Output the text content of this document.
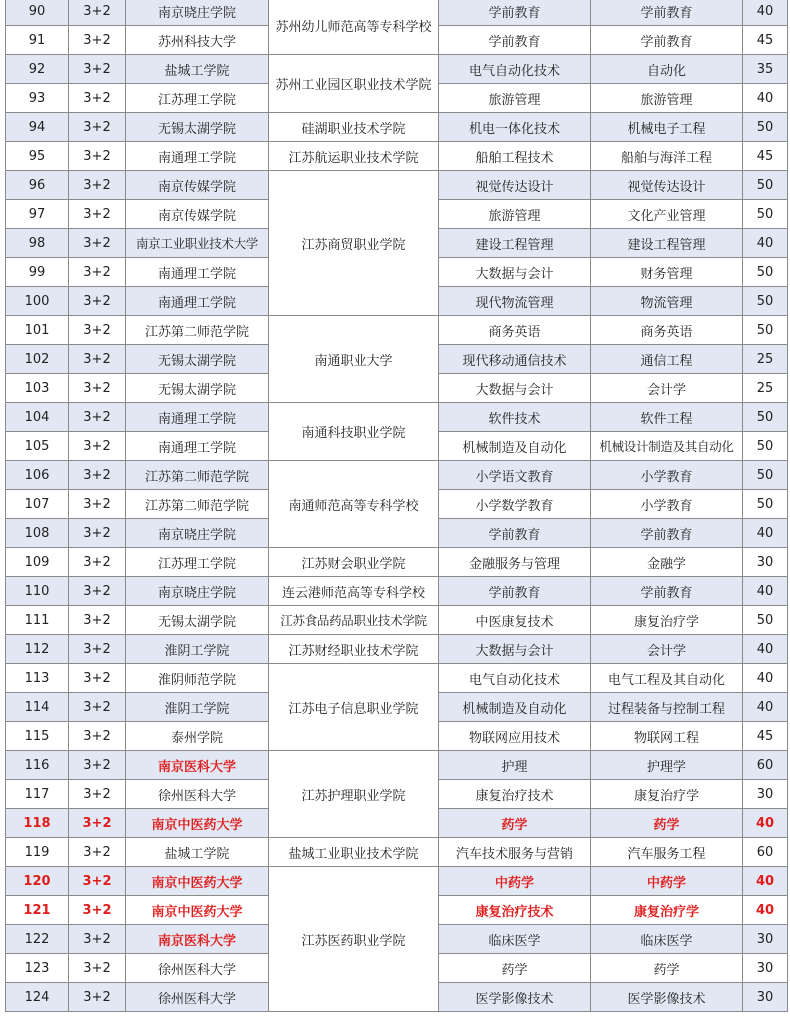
90	3+2	南京晓庄学院	苏州幼儿师范高等专科学校	学前教育	学前教育	40
91	3+2	苏州科技大学		学前教育	学前教育	45
92	3+2	盐城工学院	苏州工业园区职业技术学院	电气自动化技术	自动化	35
93	3+2	江苏理工学院		旅游管理	旅游管理	40
94	3+2	无锡太湖学院	硅湖职业技术学院	机电一体化技术	机械电子工程	50
95	3+2	南通理工学院	江苏航运职业技术学院	船舶工程技术	船舶与海洋工程	45
96	3+2	南京传媒学院	江苏商贸职业学院	视觉传达设计	视觉传达设计	50
97	3+2	南京传媒学院		旅游管理	文化产业管理	50
98	3+2	南京工业职业技术大学		建设工程管理	建设工程管理	40
99	3+2	南通理工学院		大数据与会计	财务管理	50
100	3+2	南通理工学院		现代物流管理	物流管理	50
101	3+2	江苏第二师范学院	南通职业大学	商务英语	商务英语	50
102	3+2	无锡太湖学院		现代移动通信技术	通信工程	25
103	3+2	无锡太湖学院		大数据与会计	会计学	25
104	3+2	南通理工学院	南通科技职业学院	软件技术	软件工程	50
105	3+2	南通理工学院		机械制造及自动化	机械设计制造及其自动化	50
106	3+2	江苏第二师范学院	南通师范高等专科学校	小学语文教育	小学教育	50
107	3+2	江苏第二师范学院		小学数学教育	小学教育	50
108	3+2	南京晓庄学院		学前教育	学前教育	40
109	3+2	江苏理工学院	江苏财会职业学院	金融服务与管理	金融学	30
110	3+2	南京晓庄学院	连云港师范高等专科学校	学前教育	学前教育	40
111	3+2	无锡太湖学院	江苏食品药品职业技术学院	中医康复技术	康复治疗学	50
112	3+2	淮阴工学院	江苏财经职业技术学院	大数据与会计	会计学	40
113	3+2	淮阴师范学院	江苏电子信息职业学院	电气自动化技术	电气工程及其自动化	40
114	3+2	淮阴工学院		机械制造及自动化	过程装备与控制工程	40
115	3+2	泰州学院		物联网应用技术	物联网工程	45
116	3+2	南京医科大学	江苏护理职业学院	护理	护理学	60
117	3+2	徐州医科大学		康复治疗技术	康复治疗学	30
118	3+2	南京中医药大学		药学	药学	40
119	3+2	盐城工学院	盐城工业职业技术学院	汽车技术服务与营销	汽车服务工程	60
120	3+2	南京中医药大学	江苏医药职业学院	中药学	中药学	40
121	3+2	南京中医药大学		康复治疗技术	康复治疗学	40
122	3+2	南京医科大学		临床医学	临床医学	30
123	3+2	徐州医科大学		药学	药学	30
124	3+2	徐州医科大学		医学影像技术	医学影像技术	30
